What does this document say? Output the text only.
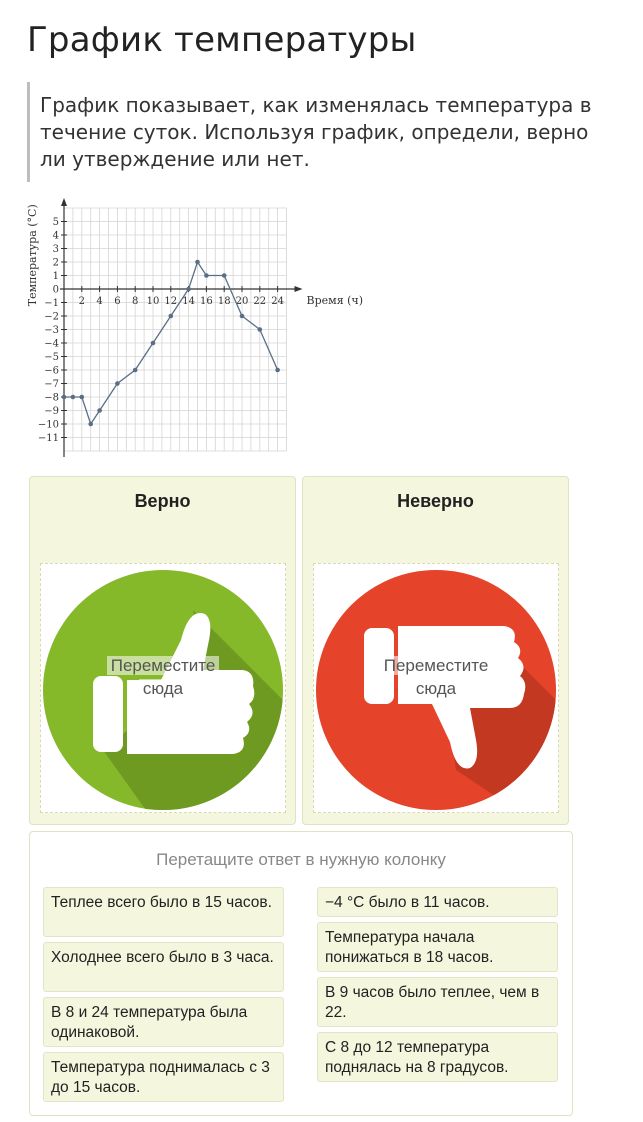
График температуры
График показывает, как изменялась температура в течение суток. Используя график, определи, верно ли утверждение или нет.
5
4
3
2
1
0
−1
−2
−3
−4
−5
−6
−7
−8
−9
−10
−11
2 4 6 8 10 12 14 16 18 20 22 24 Время (ч)
Температура (°С)
Верно
Переместите
сюда
Неверно
Переместите
сюда
Перетащите ответ в нужную колонку
Теплее всего было в 15 часов.
Холоднее всего было в 3 часа.
В 8 и 24 температура была одинаковой.
Температура поднималась с 3 до 15 часов.
−4 °С было в 11 часов.
Температура начала понижаться в 18 часов.
В 9 часов было теплее, чем в 22.
С 8 до 12 температура поднялась на 8 градусов.
